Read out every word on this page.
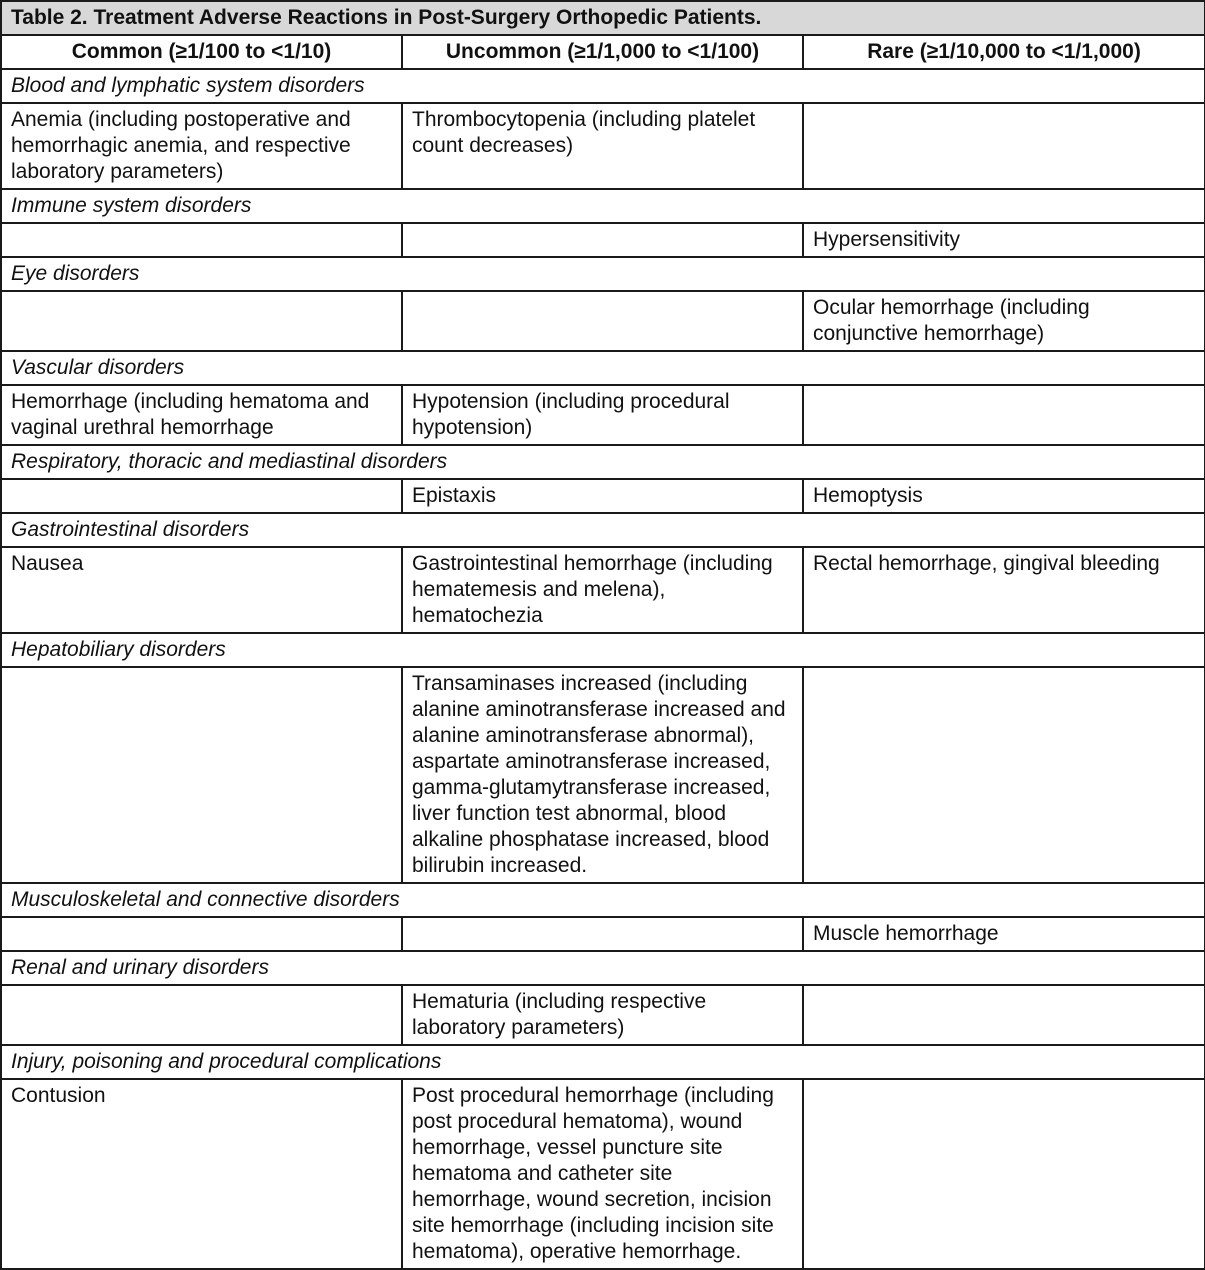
Table 2. Treatment Adverse Reactions in Post-Surgery Orthopedic Patients.		
Common (≥1/100 to <1/10)	Uncommon (≥1/1,000 to <1/100)	Rare (≥1/10,000 to <1/1,000)
Blood and lymphatic system disorders		
Anemia (including postoperative and hemorrhagic anemia, and respective laboratory parameters)	Thrombocytopenia (including platelet count decreases)	
Immune system disorders		
		Hypersensitivity
Eye disorders		
		Ocular hemorrhage (including conjunctive hemorrhage)
Vascular disorders		
Hemorrhage (including hematoma and vaginal urethral hemorrhage	Hypotension (including procedural hypotension)	
Respiratory, thoracic and mediastinal disorders		
	Epistaxis	Hemoptysis
Gastrointestinal disorders		
Nausea	Gastrointestinal hemorrhage (including hematemesis and melena), hematochezia	Rectal hemorrhage, gingival bleeding
Hepatobiliary disorders		
	Transaminases increased (including alanine aminotransferase increased and alanine aminotransferase abnormal), aspartate aminotransferase increased, gamma-glutamytransferase increased, liver function test abnormal, blood alkaline phosphatase increased, blood bilirubin increased.	
Musculoskeletal and connective disorders		
		Muscle hemorrhage
Renal and urinary disorders		
	Hematuria (including respective laboratory parameters)	
Injury, poisoning and procedural complications		
Contusion	Post procedural hemorrhage (including post procedural hematoma), wound hemorrhage, vessel puncture site hematoma and catheter site hemorrhage, wound secretion, incision site hemorrhage (including incision site hematoma), operative hemorrhage.	
